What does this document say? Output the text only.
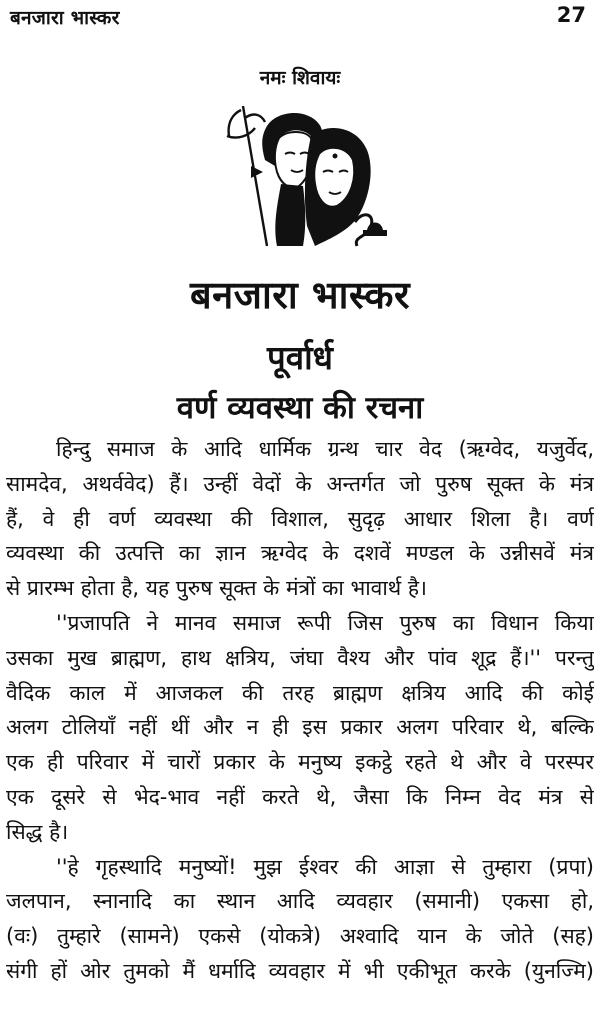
बनजारा भास्कर	27
नमः शिवायः
बनजारा भास्कर
पूर्वार्ध
वर्ण व्यवस्था की रचना
हिन्दु समाज के आदि धार्मिक ग्रन्थ चार वेद (ऋग्वेद, यजुर्वेद,
सामदेव, अथर्ववेद) हैं। उन्हीं वेदों के अन्तर्गत जो पुरुष सूक्त के मंत्र
हैं, वे ही वर्ण व्यवस्था की विशाल, सुदृढ़ आधार शिला है। वर्ण
व्यवस्था की उत्पत्ति का ज्ञान ऋग्वेद के दशवें मण्डल के उन्नीसवें मंत्र
से प्रारम्भ होता है, यह पुरुष सूक्त के मंत्रों का भावार्थ है।
''प्रजापति ने मानव समाज रूपी जिस पुरुष का विधान किया
उसका मुख ब्राह्मण, हाथ क्षत्रिय, जंघा वैश्य और पांव शूद्र हैं।'' परन्तु
वैदिक काल में आजकल की तरह ब्राह्मण क्षत्रिय आदि की कोई
अलग टोलियाँ नहीं थीं और न ही इस प्रकार अलग परिवार थे, बल्कि
एक ही परिवार में चारों प्रकार के मनुष्य इकट्ठे रहते थे और वे परस्पर
एक दूसरे से भेद-भाव नहीं करते थे, जैसा कि निम्न वेद मंत्र से
सिद्ध है।
''हे गृहस्थादि मनुष्यों! मुझ ईश्वर की आज्ञा से तुम्हारा (प्रपा)
जलपान, स्नानादि का स्थान आदि व्यवहार (समानी) एकसा हो,
(वः) तुम्हारे (सामने) एकसे (योकत्रे) अश्वादि यान के जोते (सह)
संगी हों ओर तुमको मैं धर्मादि व्यवहार में भी एकीभूत करके (युनज्मि)
